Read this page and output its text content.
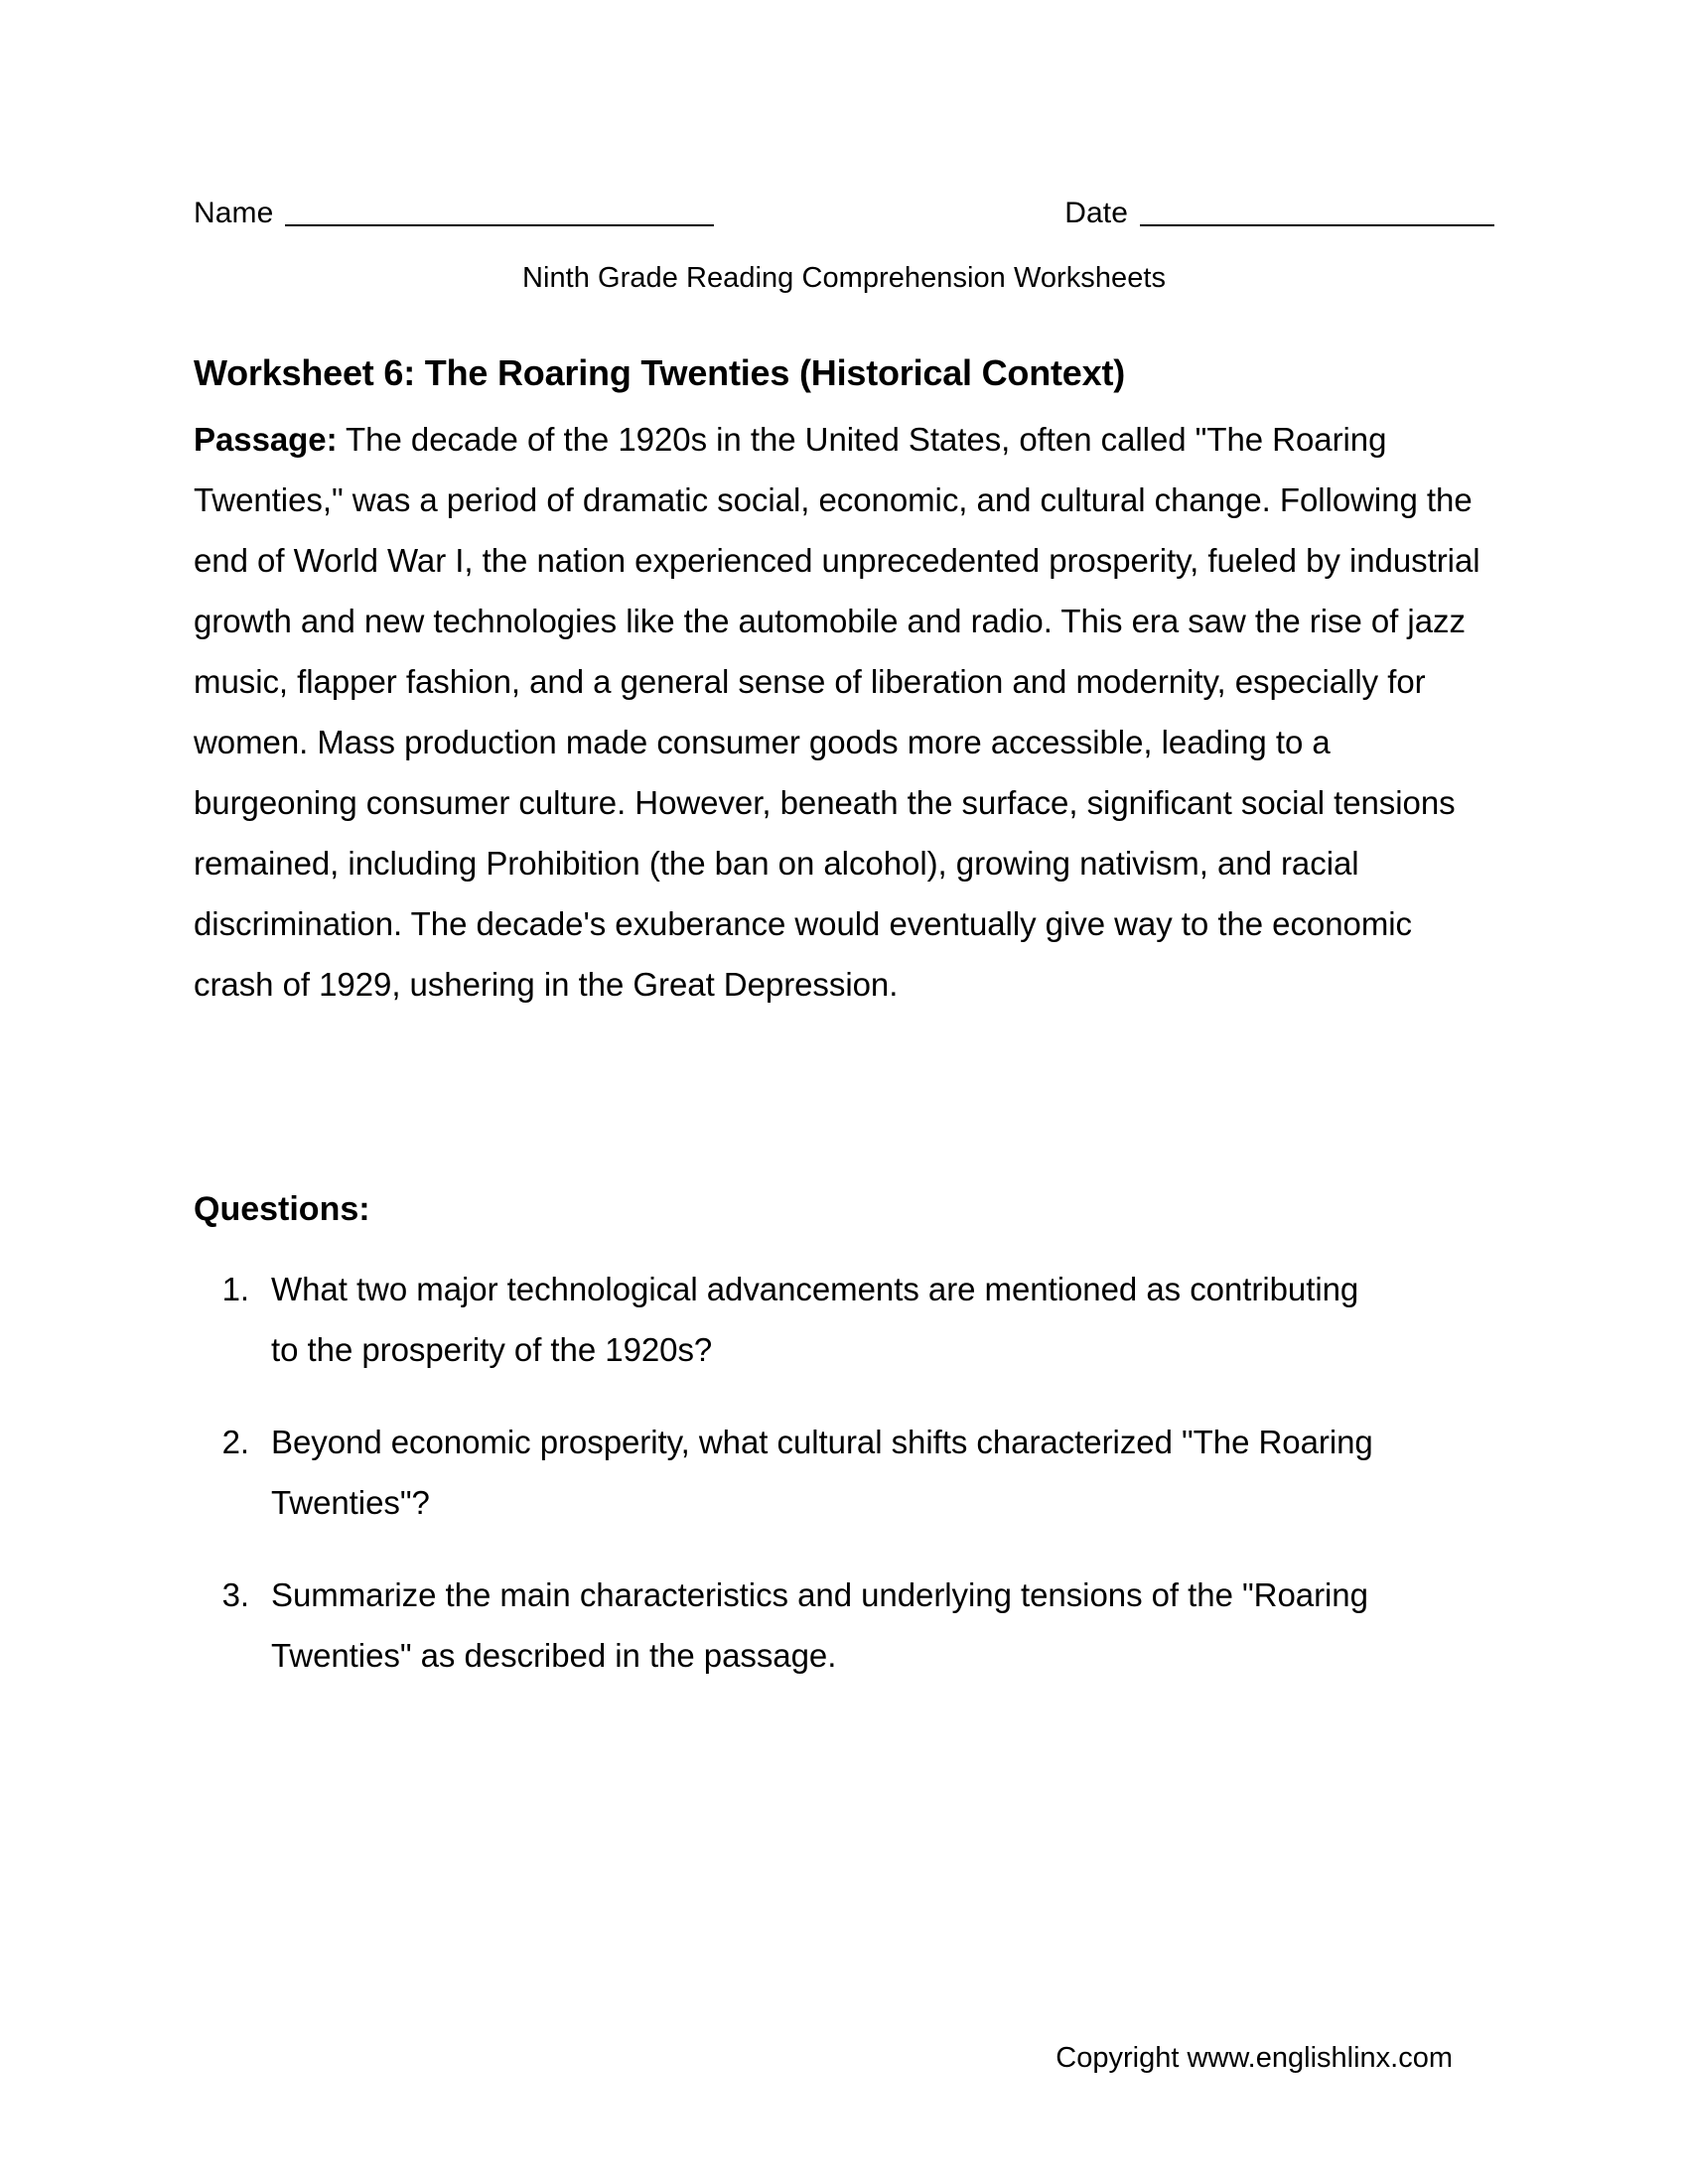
Name	Date
Ninth Grade Reading Comprehension Worksheets
Worksheet 6: The Roaring Twenties (Historical Context)
Passage: The decade of the 1920s in the United States, often called "The Roaring Twenties," was a period of dramatic social, economic, and cultural change. Following the end of World War I, the nation experienced unprecedented prosperity, fueled by industrial growth and new technologies like the automobile and radio. This era saw the rise of jazz music, flapper fashion, and a general sense of liberation and modernity, especially for women. Mass production made consumer goods more accessible, leading to a burgeoning consumer culture. However, beneath the surface, significant social tensions remained, including Prohibition (the ban on alcohol), growing nativism, and racial discrimination. The decade's exuberance would eventually give way to the economic crash of 1929, ushering in the Great Depression.
Questions:
1. What two major technological advancements are mentioned as contributing to the prosperity of the 1920s?
2. Beyond economic prosperity, what cultural shifts characterized "The Roaring Twenties"?
3. Summarize the main characteristics and underlying tensions of the "Roaring Twenties" as described in the passage.
Copyright www.englishlinx.com
